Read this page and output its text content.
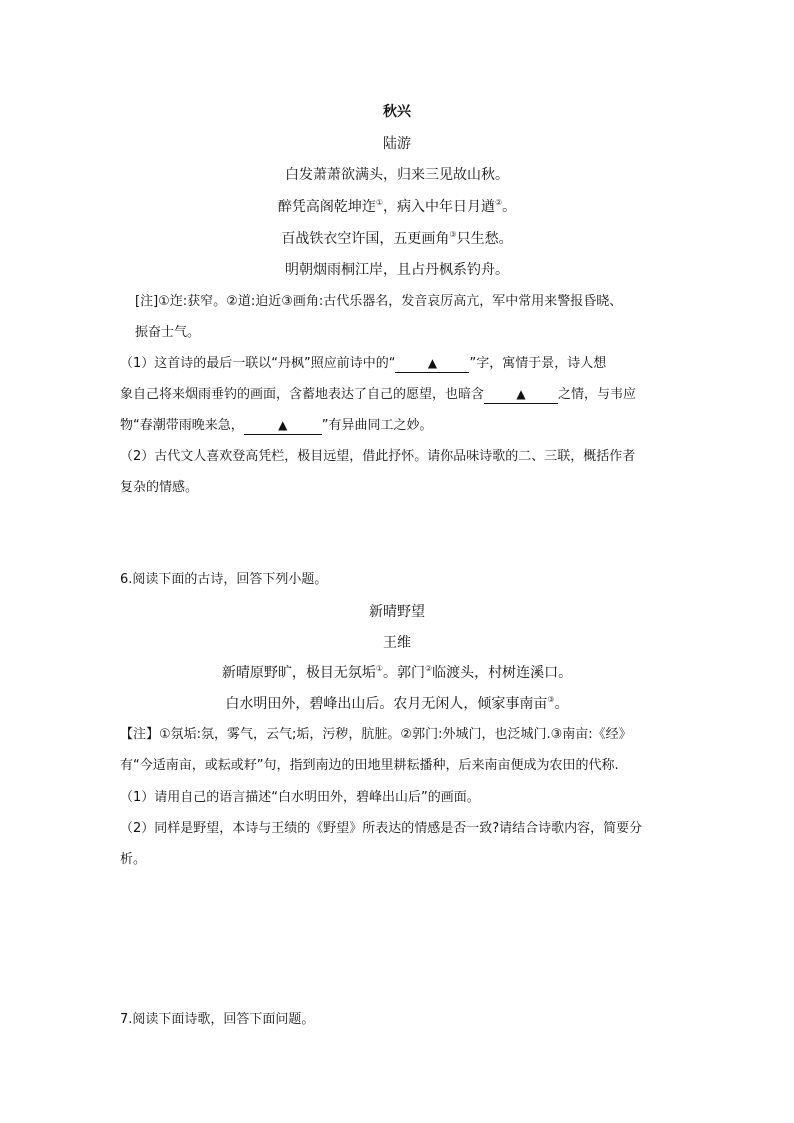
秋兴
陆游
白发萧萧欲满头，归来三见故山秋。
醉凭高阁乾坤迮①，病入中年日月遒②。
百战铁衣空许国，五更画角③只生愁。
明朝烟雨桐江岸，且占丹枫系钓舟。
[注]①迮:获窄。②道:迫近③画角:古代乐器名，发音哀厉高亢，军中常用来警报昏晓、
振奋士气。
（1）这首诗的最后一联以“丹枫”照应前诗中的“	▲ ”字，寓情于景，诗人想
象自己将来烟雨垂钓的画面，含蓄地表达了自己的愿望，也暗含	▲ 之情，与韦应
物“春潮带雨晚来急，	▲	”有异曲同工之妙。
（2）古代文人喜欢登高凭栏，极目远望，借此抒怀。请你品味诗歌的二、三联，概括作者
复杂的情感。
6.阅读下面的古诗，回答下列小题。
新晴野望
王维
新晴原野旷，极目无氛垢①。郭门②临渡头，村树连溪口。
白水明田外，碧峰出山后。农月无闲人，倾家事南亩③。
【注】①氛垢:氛，雾气，云气;垢，污秽，肮脏。②郭门:外城门，也泛城门.③南亩:《经》
有“今适南亩，或耘或耔”句，指到南边的田地里耕耘播种，后来南亩便成为农田的代称.
（1）请用自己的语言描述“白水明田外，碧峰出山后”的画面。
（2）同样是野望，本诗与王绩的《野望》所表达的情感是否一致?请结合诗歌内容，简要分
析。
7.阅读下面诗歌，回答下面问题。
